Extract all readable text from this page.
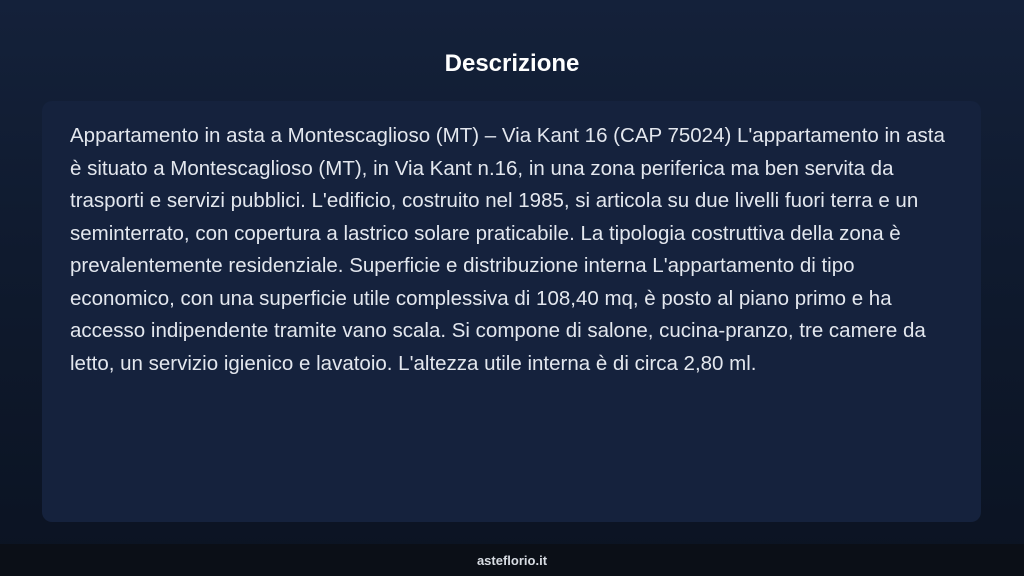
Descrizione

Appartamento in asta a Montescaglioso (MT) – Via Kant 16 (CAP 75024) L'appartamento in asta è situato a Montescaglioso (MT), in Via Kant n.16, in una zona periferica ma ben servita da trasporti e servizi pubblici. L'edificio, costruito nel 1985, si articola su due livelli fuori terra e un seminterrato, con copertura a lastrico solare praticabile. La tipologia costruttiva della zona è prevalentemente residenziale. Superficie e distribuzione interna L'appartamento di tipo economico, con una superficie utile complessiva di 108,40 mq, è posto al piano primo e ha accesso indipendente tramite vano scala. Si compone di salone, cucina-pranzo, tre camere da letto, un servizio igienico e lavatoio. L'altezza utile interna è di circa 2,80 ml.

asteflorio.it
